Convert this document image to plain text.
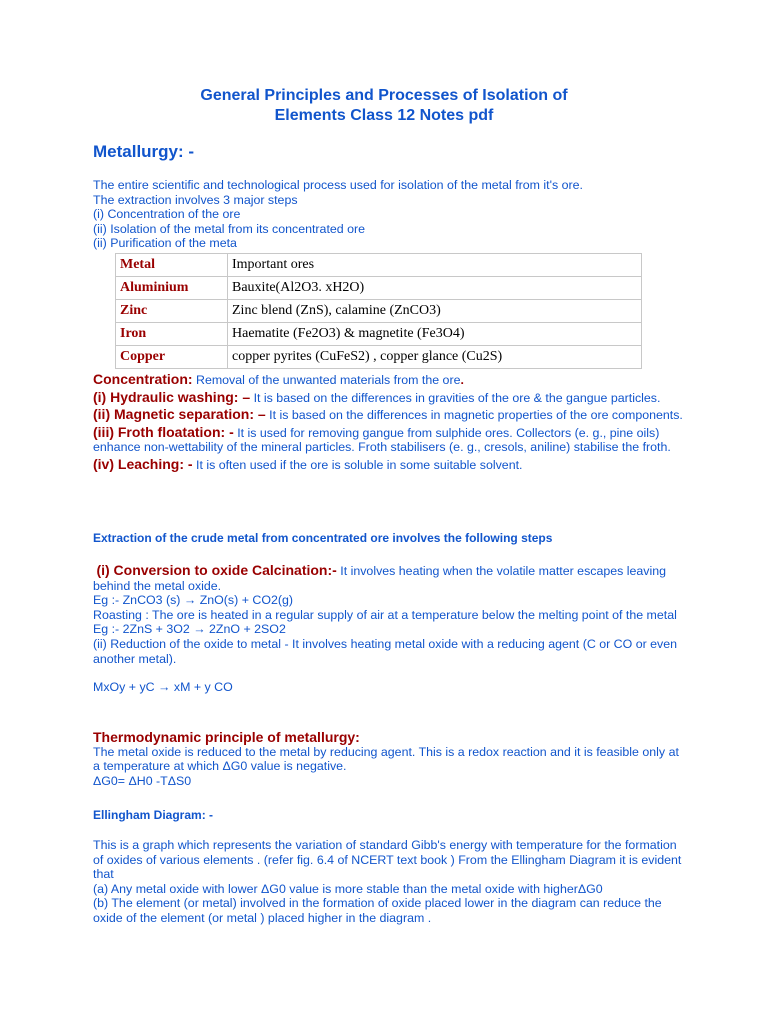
General Principles and Processes of Isolation of
Elements Class 12 Notes pdf
Metallurgy: -
The entire scientific and technological process used for isolation of the metal from it's ore.
The extraction involves 3 major steps
(i) Concentration of the ore
(ii) Isolation of the metal from its concentrated ore
(ii) Purification of the meta
Metal	Important ores
Aluminium	Bauxite(Al2O3. xH2O)
Zinc	Zinc blend (ZnS), calamine (ZnCO3)
Iron	Haematite (Fe2O3) & magnetite (Fe3O4)
Copper	copper pyrites (CuFeS2) , copper glance (Cu2S)
Concentration: Removal of the unwanted materials from the ore.
(i) Hydraulic washing: – It is based on the differences in gravities of the ore & the gangue particles.
(ii) Magnetic separation: – It is based on the differences in magnetic properties of the ore components.
(iii) Froth floatation: - It is used for removing gangue from sulphide ores. Collectors (e. g., pine oils) enhance non-wettability of the mineral particles. Froth stabilisers (e. g., cresols, aniline) stabilise the froth.
(iv) Leaching: - It is often used if the ore is soluble in some suitable solvent.
Extraction of the crude metal from concentrated ore involves the following steps
(i) Conversion to oxide Calcination:- It involves heating when the volatile matter escapes leaving behind the metal oxide.
Eg :- ZnCO3 (s) → ZnO(s) + CO2(g)
Roasting : The ore is heated in a regular supply of air at a temperature below the melting point of the metal
Eg :- 2ZnS + 3O2 → 2ZnO + 2SO2
(ii) Reduction of the oxide to metal - It involves heating metal oxide with a reducing agent (C or CO or even another metal).
MxOy + yC → xM + y CO
Thermodynamic principle of metallurgy:
The metal oxide is reduced to the metal by reducing agent. This is a redox reaction and it is feasible only at a temperature at which ΔG0 value is negative.
ΔG0= ΔH0 -TΔS0
Ellingham Diagram: -
This is a graph which represents the variation of standard Gibb's energy with temperature for the formation of oxides of various elements . (refer fig. 6.4 of NCERT text book ) From the Ellingham Diagram it is evident that
(a) Any metal oxide with lower ΔG0 value is more stable than the metal oxide with higherΔG0
(b) The element (or metal) involved in the formation of oxide placed lower in the diagram can reduce the oxide of the element (or metal ) placed higher in the diagram .
